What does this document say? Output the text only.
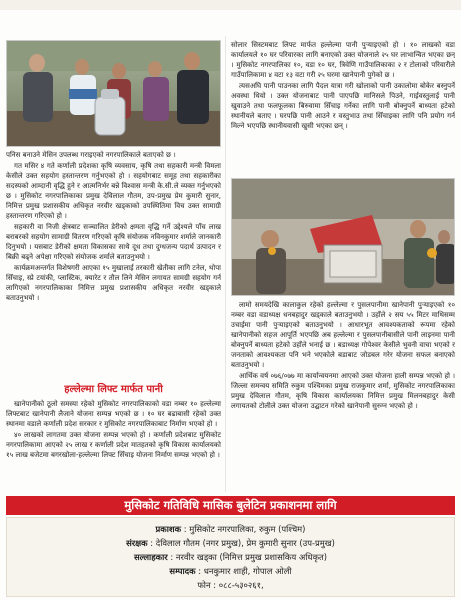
पनिस बनाउने मेसिन उपलब्ध गराइएको नगरपालिकाले बताएको छ ।

गत मसिर ४ गते कर्णाली प्रदेशका कृषि व्यवसाय, कृषि तथा सहकारी मन्त्री विमला केसीले उक्त सहयोग हस्तान्तरण गर्नुभएको हो । सहयोगबाट समूह तथा सहकारीका सदस्यको आम्दानी वृद्धि हुने र आत्मनिर्भर बन्ने विश्वास मन्त्री के.सी.ले व्यक्त गर्नुभएको छ । मुसिकोट नगरपालिकाका प्रमुख देविलाल गौतम, उप-प्रमुख प्रेम कुमारी सुनार, निमित्त प्रमुख प्रशासकीय अधिकृत नरवीर खड्काको उपस्थितिमा विच उक्त सामाग्री हस्तान्तरण गरिएको हो ।

सहकारी वा निजी क्षेत्रबाट सञ्चालित डेरीको क्षमता वृद्धि गर्ने उद्देश्यले पाँच लाख बराबरको सहयोग सामाग्री वितरण गरिएको कृषि संयोजक नविनकुमार शर्माले जानकारी दिनुभयो । यसबाट डेरीको क्षमता विकासका साथै दूध तथा दुग्धजन्य पदार्थ उत्पादन र बिक्री बढ्ने अपेक्षा गरिएको संयोजक शर्माले बताउनुभयो ।

कार्यक्रमअन्तर्गत विशेषगरी आएका १५ मुखालाई तरकारी खेतीका लागि टनेल, थोपा सिँचाइ, स्प्रे टयांकी, प्लास्टिक, क्यारेट र तौल लिने मेसिन लगायत सामग्री सहयोग गर्न लागिएको नगरपालिकाका निमित्त प्रमुख प्रशासकीय अधिकृत नरवीर खड्काले बताउनुभयो ।

हल्लेल्मा लिफ्ट मार्फत पानी

खानेपानीको ठूलो समस्या रहेको मुसिकोट नगरपालिकाको वडा नम्बर १० हल्लेल्मा लिफ्टबाट खानेपानी लैजाने योजना सम्पन्न भएको छ । १० घर बढाबासी रहेको उक्त स्थानमा वडाले कर्णाली प्रदेश सरकार र मुसिकोट नगरपालिकाबाट निर्माण भएको हो ।

४० लाखको लागतमा उक्त योजना सम्पन्न भएको हो । कर्णाली प्रदेशबाट मुसिकोट नगरपालिकामा आएको २५ लाख र कर्णाली प्रदेश मातहतको कृषि विकास कार्यालयको १५ लाख बजेटमा बगरखोला-हल्लेल्मा लिफ्ट सिँचाइ योजना निर्माण सम्पन्न भएको हो ।

सोलार सिस्टमबाट लिफ्ट मार्फत हल्लेल्मा पानी पुऱ्याइएको हो । १० लाखको वडा कार्यालयले १० घर परिवारका लागि बनाएको उक्त योजनाले २५ घर लाभान्वित भएका छन् । मुसिकोट नगरपालिका १०, वडा १० घर, त्रिवेणि गाउँपालिकाका २ र टोलाको परिवारीले गाउँपालिकामा ४ वटा १३ वटा गरी २५ घरमा खानेपानी पुगेको छ ।

त्यसअघि पानी पाउनका लागि पैदल यात्रा गरी खोलाको पानी उकालोमा बोकेर बस्नुपर्ने अवस्था थियो । उक्त योजनाबाट पानी पाएपछि मानिसले पिउने, गाईवस्तुलाई पानी खुवाउने तथा फलफूलका बिरुवामा सिँचाइ गर्नेका लागि पानी बोक्नुपर्ने बाध्यता हटेको स्थानीयले बताए । घरपछि पानी आउने र वस्तुभाउ तथा सिँचाइका लागि पनि प्रयोग गर्न मिल्ने भएपछि स्थानीयवासी खुसी भएका छन् ।

लामो समयदेखि कालाकुल रहेको हल्लेल्मा र पुसलपानीमा खानेपानी पुऱ्याइएको १० नम्बर वडा वडाध्यक्ष धनबहादुर खड्काले बताउनुभयो । उहाँले २ सय ५५ मिटर माथिसम्म उचाईमा पानी पुऱ्याइएको बताउनुभयो । आधारभूत आवश्यकताको रूपमा रहेको खानेपानीको सहज आपूर्ति भएपछि अब हल्लेल्मा र पुसलपानीबासीले पानी लाइनमा पानी बोक्नुपर्ने बाध्यता हटेको उहाँले भनाई छ । बडाध्यक्ष गोपेश्वर केसीले भुवनी वाचा भएको र जनताको आवश्यकता पनि भने भएकोले बडाबाट जोडबल गरेर योजना सफल बनाएको बताउनुभयो ।

आर्थिक वर्ष ०७६/०७७ मा कार्यान्वयनमा आएको उक्त योजना हाली सम्पन्न भएको हो । जिल्ला समन्वय समिति रुकुम पश्चिमका प्रमुख राजकुमार शर्मा, मुसिकोट नगरपालिकाका प्रमुख देविलाल गौतम, कृषि विकास कार्यालयका निमित्त प्रमुख मिलनबहादुर केसी लगायतको टोलीले उक्त योजना उद्घाटन गरेको खानेपानी सुरुग्न भएको हो ।

मुसिकोट गतिविधि मासिक बुलेटिन प्रकाशनमा लागि
प्रकाशक : मुसिकोट नगरपालिका, रुकुम (पश्चिम)
संरक्षक : देविलाल गौतम (नगर प्रमुख), प्रेम कुमारी सुनार (उप-प्रमुख)
सल्लाहकार : नरवीर खड्का (निमित्त प्रमुख प्रशासकिय अधिकृत)
सम्पादक : धनकुमार शाही, गोपाल ओली
फोन : ०८८-५३०२६१,
